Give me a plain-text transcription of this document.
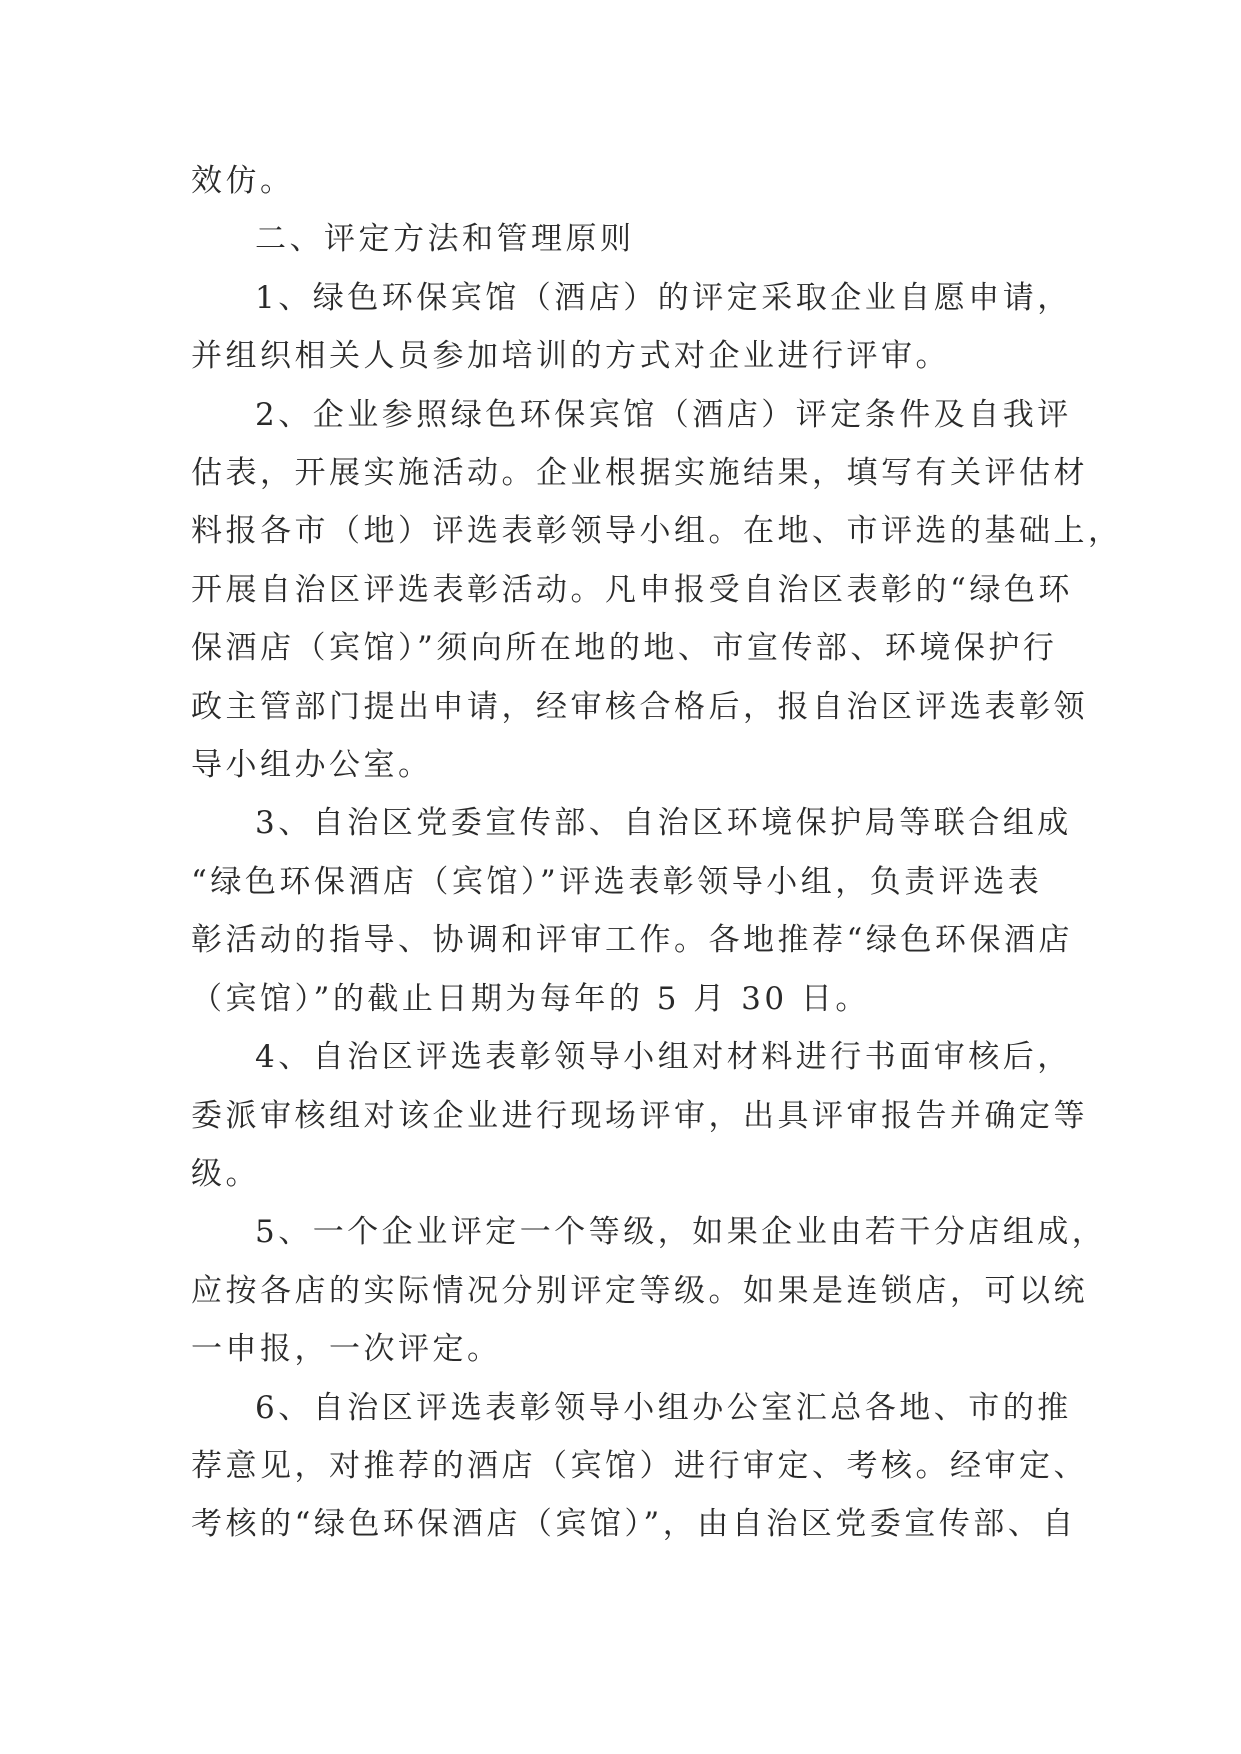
效仿。

二、评定方法和管理原则

1、绿色环保宾馆（酒店）的评定采取企业自愿申请，
并组织相关人员参加培训的方式对企业进行评审。

2、企业参照绿色环保宾馆（酒店）评定条件及自我评
估表，开展实施活动。企业根据实施结果，填写有关评估材
料报各市（地）评选表彰领导小组。在地、市评选的基础上，
开展自治区评选表彰活动。凡申报受自治区表彰的“绿色环
保酒店（宾馆）”须向所在地的地、市宣传部、环境保护行
政主管部门提出申请，经审核合格后，报自治区评选表彰领
导小组办公室。

3、自治区党委宣传部、自治区环境保护局等联合组成
“绿色环保酒店（宾馆）”评选表彰领导小组，负责评选表
彰活动的指导、协调和评审工作。各地推荐“绿色环保酒店
（宾馆）”的截止日期为每年的 5 月 30 日。

4、自治区评选表彰领导小组对材料进行书面审核后，
委派审核组对该企业进行现场评审，出具评审报告并确定等
级。

5、一个企业评定一个等级，如果企业由若干分店组成，
应按各店的实际情况分别评定等级。如果是连锁店，可以统
一申报，一次评定。

6、自治区评选表彰领导小组办公室汇总各地、市的推
荐意见，对推荐的酒店（宾馆）进行审定、考核。经审定、
考核的“绿色环保酒店（宾馆）”，由自治区党委宣传部、自
